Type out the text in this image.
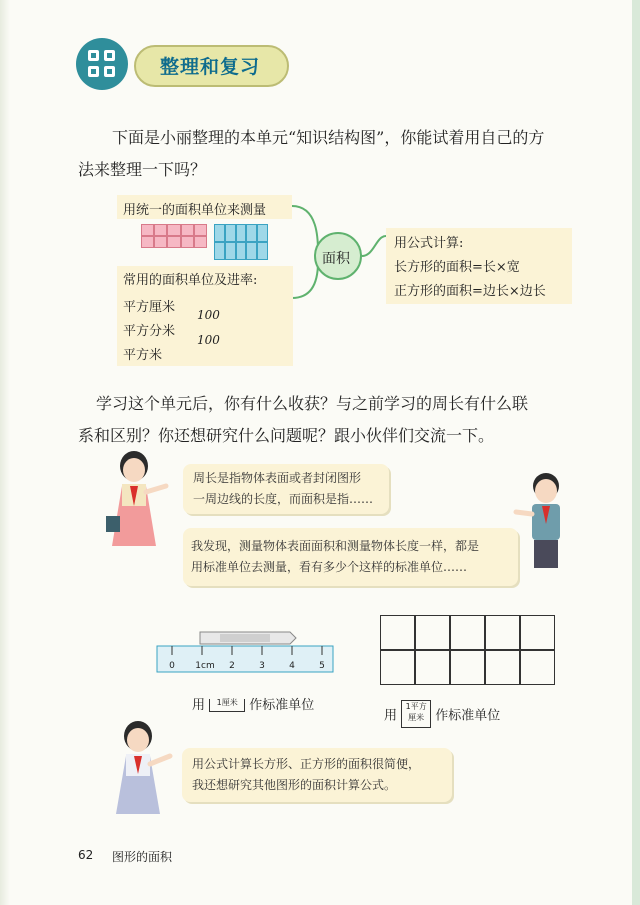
整理和复习
下面是小丽整理的本单元“知识结构图”，你能试着用自己的方
法来整理一下吗？
用统一的面积单位来测量
常用的面积单位及进率:
平方厘米
平方分米
平方米
100
100
面积
用公式计算:
长方形的面积=长×宽
正方形的面积=边长×边长
学习这个单元后，你有什么收获？与之前学习的周长有什么联
系和区别？你还想研究什么问题呢？跟小伙伴们交流一下。
周长是指物体表面或者封闭图形
一周边线的长度，而面积是指……
我发现，测量物体表面面积和测量物体长度一样，都是
用标准单位去测量，看有多少个这样的标准单位……
0 1cm 2	3	4	5
用 1厘米 作标准单位
用
1平方
厘米 作标准单位
用公式计算长方形、正方形的面积很简便，
我还想研究其他图形的面积计算公式。
62 图形的面积
